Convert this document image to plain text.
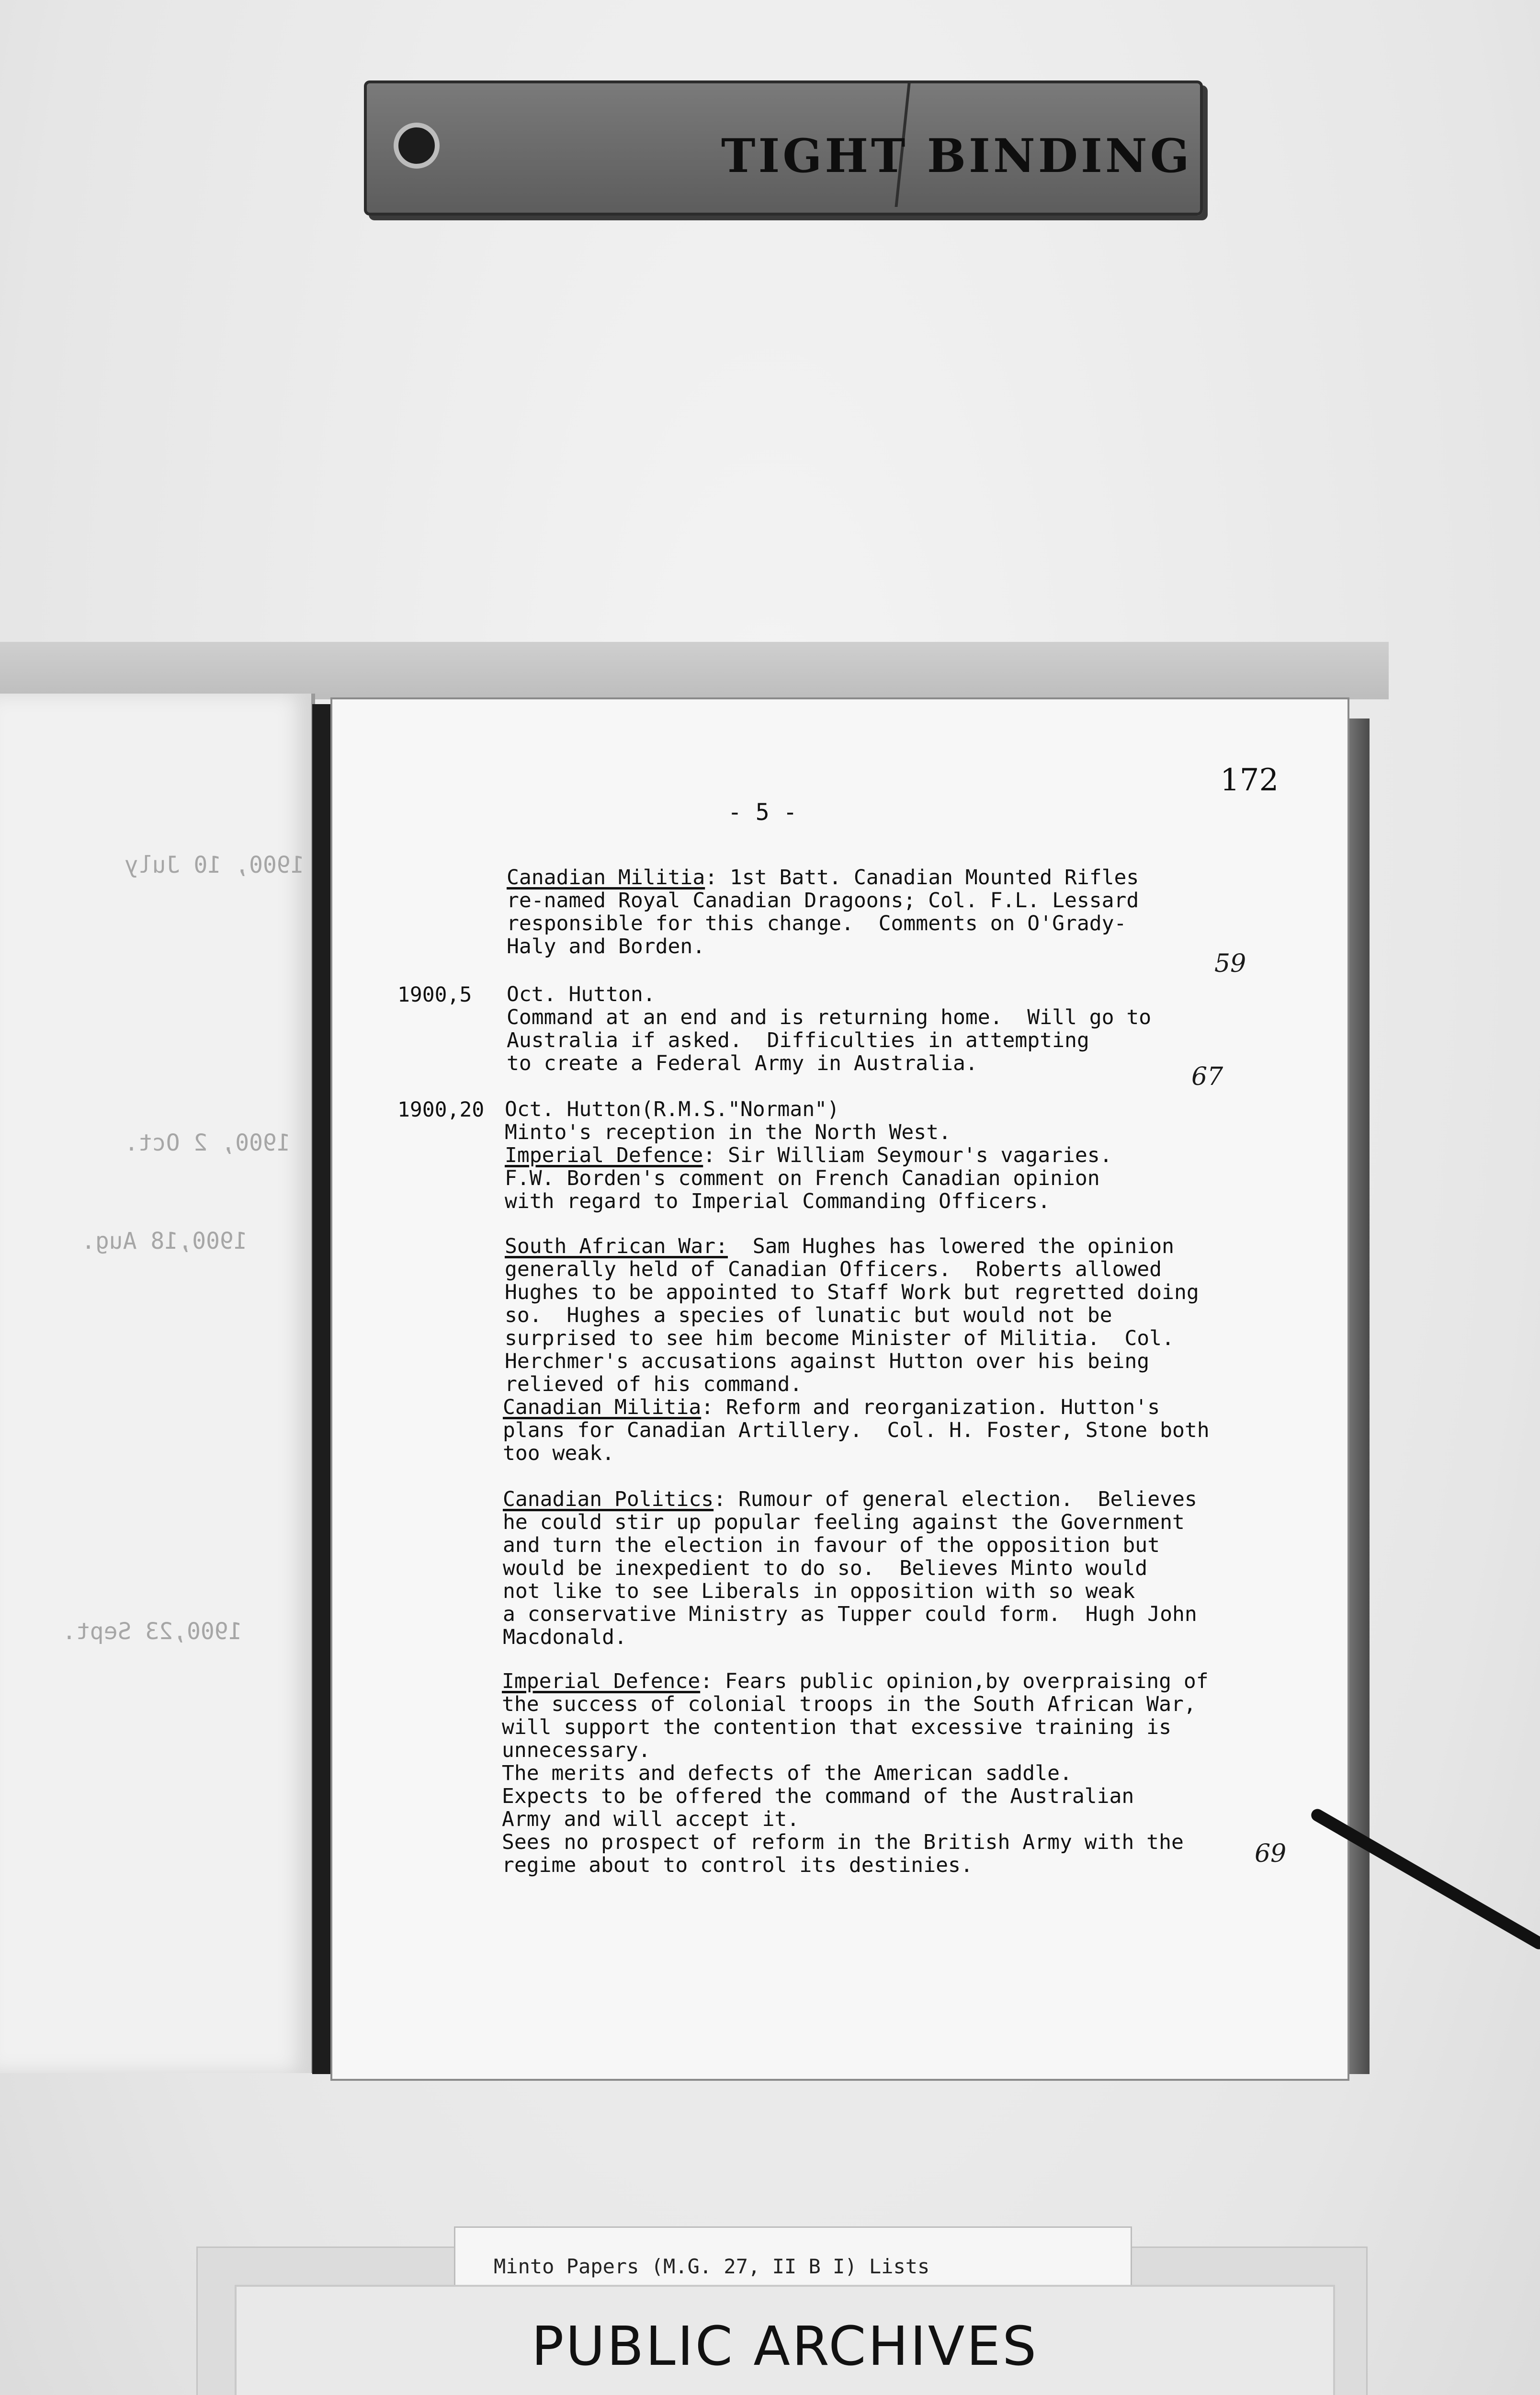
TIGHT BINDING
1900, 10 July
1900, 2 Oct.
1900,18 Aug.
1900,23 Sept.
172
- 5 -
Canadian Militia: 1st Batt. Canadian Mounted Rifles
re-named Royal Canadian Dragoons; Col. F.L. Lessard
responsible for this change.  Comments on O'Grady-
Haly and Borden.
1900,5 Oct. Hutton.
Command at an end and is returning home.  Will go to
Australia if asked.  Difficulties in attempting
to create a Federal Army in Australia.
1900,20 Oct. Hutton(R.M.S."Norman")
Minto's reception in the North West.
Imperial Defence: Sir William Seymour's vagaries.
F.W. Borden's comment on French Canadian opinion
with regard to Imperial Commanding Officers.
South African War:  Sam Hughes has lowered the opinion
generally held of Canadian Officers.  Roberts allowed
Hughes to be appointed to Staff Work but regretted doing
so.  Hughes a species of lunatic but would not be
surprised to see him become Minister of Militia.  Col.
Herchmer's accusations against Hutton over his being
relieved of his command.
Canadian Militia: Reform and reorganization. Hutton's
plans for Canadian Artillery.  Col. H. Foster, Stone both
too weak.
Canadian Politics: Rumour of general election.  Believes
he could stir up popular feeling against the Government
and turn the election in favour of the opposition but
would be inexpedient to do so.  Believes Minto would
not like to see Liberals in opposition with so weak
a conservative Ministry as Tupper could form.  Hugh John
Macdonald.
Imperial Defence: Fears public opinion,by overpraising of
the success of colonial troops in the South African War,
will support the contention that excessive training is
unnecessary.
The merits and defects of the American saddle.
Expects to be offered the command of the Australian
Army and will accept it.
Sees no prospect of reform in the British Army with the
regime about to control its destinies.
59
67
69
Minto Papers (M.G. 27, II B I) Lists
PUBLIC ARCHIVES
